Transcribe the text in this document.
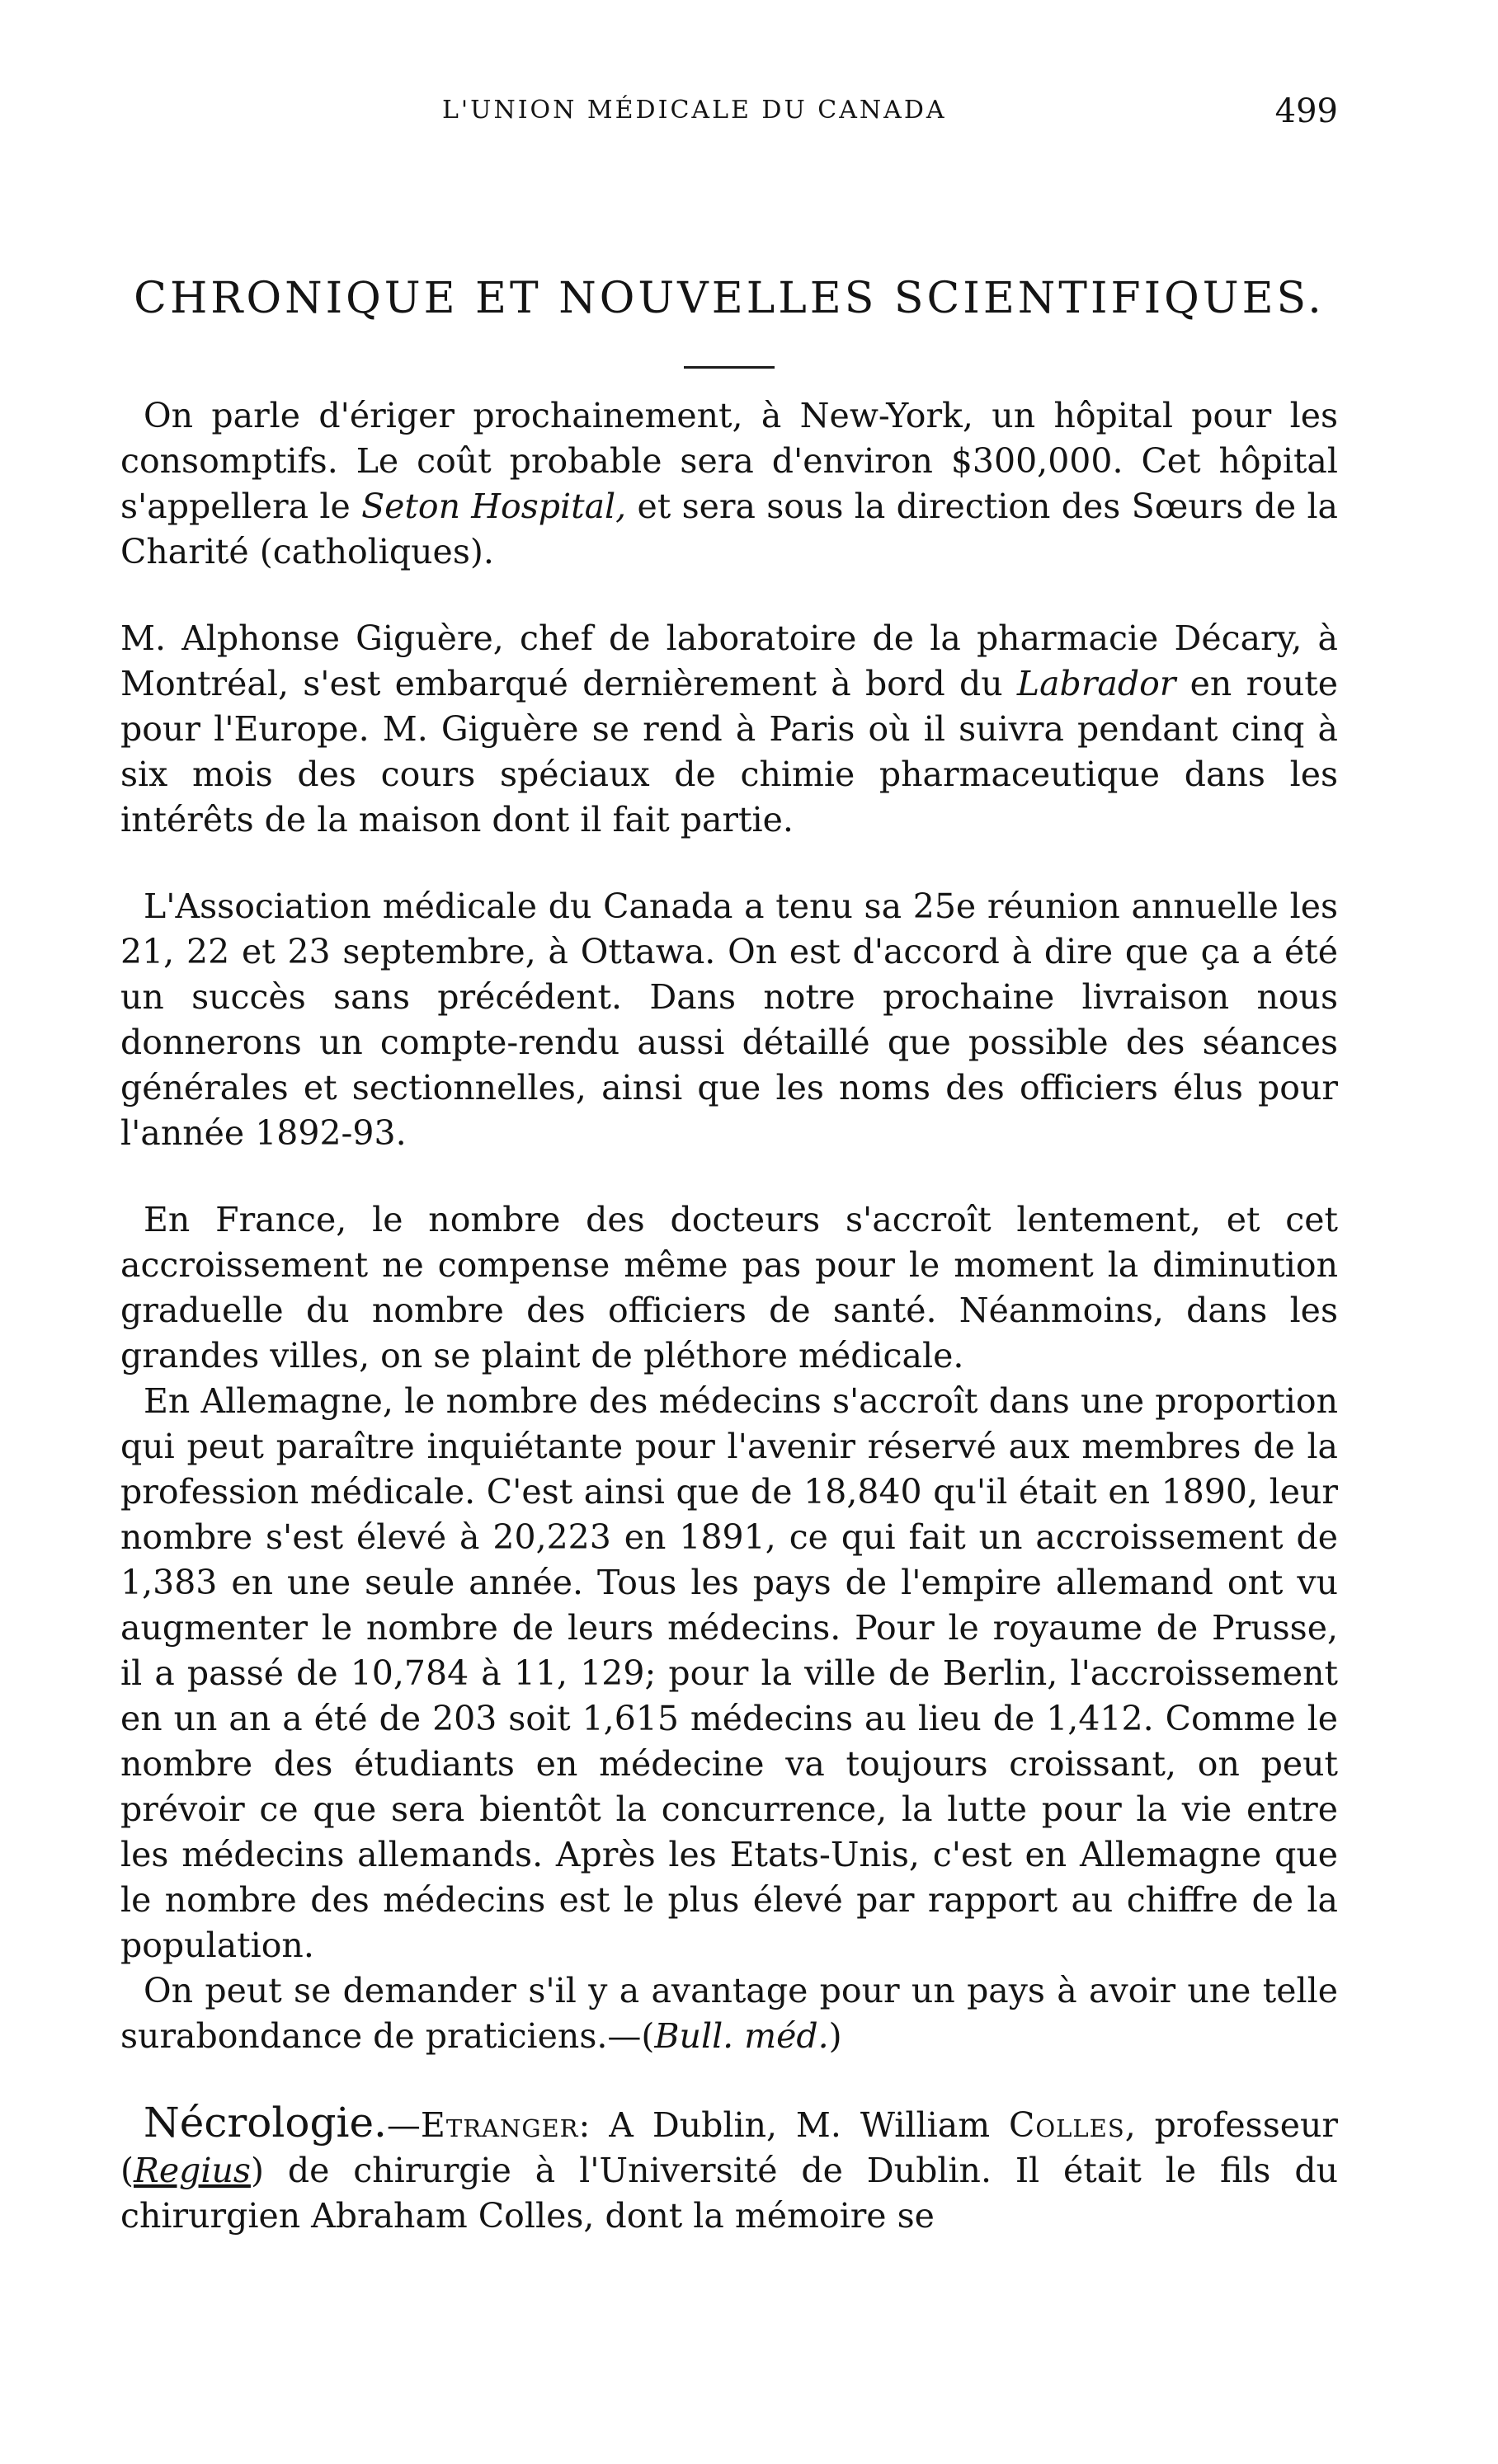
L'UNION MÉDICALE DU CANADA	499
CHRONIQUE ET NOUVELLES SCIENTIFIQUES.

On parle d'ériger prochainement, à New-York, un hôpital pour les consomptifs. Le coût probable sera d'environ $300,000. Cet hôpital s'appellera le Seton Hospital, et sera sous la direction des Sœurs de la Charité (catholiques).

M. Alphonse Giguère, chef de laboratoire de la pharmacie Décary, à Montréal, s'est embarqué dernièrement à bord du Labrador en route pour l'Europe. M. Giguère se rend à Paris où il suivra pendant cinq à six mois des cours spéciaux de chimie pharmaceutique dans les intérêts de la maison dont il fait partie.

L'Association médicale du Canada a tenu sa 25e réunion annuelle les 21, 22 et 23 septembre, à Ottawa. On est d'accord à dire que ça a été un succès sans précédent. Dans notre prochaine livraison nous donnerons un compte-rendu aussi détaillé que possible des séances générales et sectionnelles, ainsi que les noms des officiers élus pour l'année 1892-93.

En France, le nombre des docteurs s'accroît lentement, et cet accroissement ne compense même pas pour le moment la diminution graduelle du nombre des officiers de santé. Néanmoins, dans les grandes villes, on se plaint de pléthore médicale.

En Allemagne, le nombre des médecins s'accroît dans une proportion qui peut paraître inquiétante pour l'avenir réservé aux membres de la profession médicale. C'est ainsi que de 18,840 qu'il était en 1890, leur nombre s'est élevé à 20,223 en 1891, ce qui fait un accroissement de 1,383 en une seule année. Tous les pays de l'empire allemand ont vu augmenter le nombre de leurs médecins. Pour le royaume de Prusse, il a passé de 10,784 à 11, 129; pour la ville de Berlin, l'accroissement en un an a été de 203 soit 1,615 médecins au lieu de 1,412. Comme le nombre des étudiants en médecine va toujours croissant, on peut prévoir ce que sera bientôt la concurrence, la lutte pour la vie entre les médecins allemands. Après les Etats-Unis, c'est en Allemagne que le nombre des médecins est le plus élevé par rapport au chiffre de la population.

On peut se demander s'il y a avantage pour un pays à avoir une telle surabondance de praticiens.—(Bull. méd.)

Nécrologie.—Etranger: A Dublin, M. William Colles, professeur (Regius) de chirurgie à l'Université de Dublin. Il était le fils du chirurgien Abraham Colles, dont la mémoire se
